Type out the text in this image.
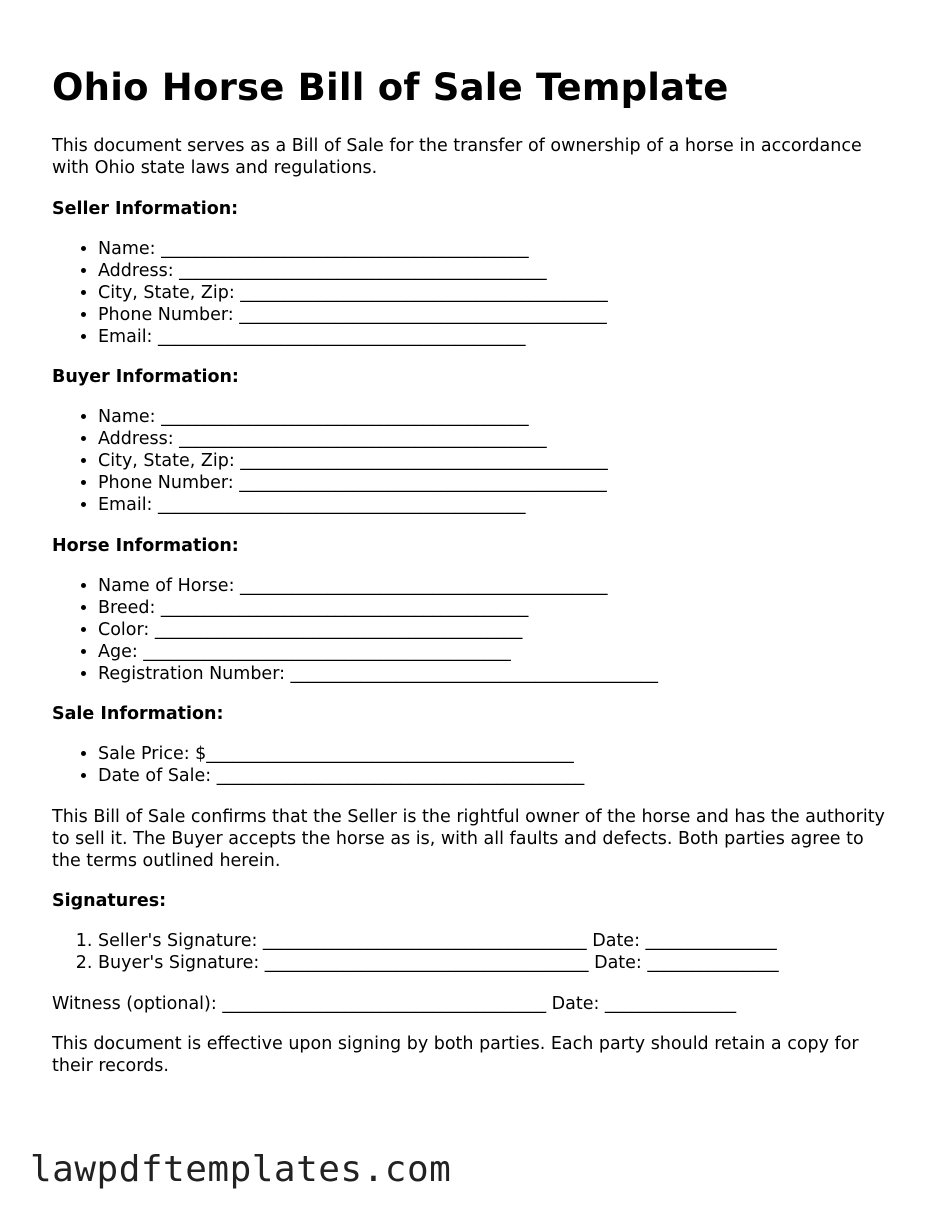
Ohio Horse Bill of Sale Template

This document serves as a Bill of Sale for the transfer of ownership of a horse in accordance with Ohio state laws and regulations.

Seller Information:
• Name: __________________________________________
• Address: __________________________________________
• City, State, Zip: __________________________________________
• Phone Number: __________________________________________
• Email: __________________________________________
Buyer Information:
• Name: __________________________________________
• Address: __________________________________________
• City, State, Zip: __________________________________________
• Phone Number: __________________________________________
• Email: __________________________________________
Horse Information:
• Name of Horse: __________________________________________
• Breed: __________________________________________
• Color: __________________________________________
• Age: __________________________________________
• Registration Number: __________________________________________
Sale Information:
• Sale Price: $__________________________________________
• Date of Sale: __________________________________________

This Bill of Sale confirms that the Seller is the rightful owner of the horse and has the authority to sell it. The Buyer accepts the horse as is, with all faults and defects. Both parties agree to the terms outlined herein.

Signatures:
1. Seller's Signature: _____________________________________ Date: _______________
2. Buyer's Signature: _____________________________________ Date: _______________
Witness (optional): _____________________________________ Date: _______________

This document is effective upon signing by both parties. Each party should retain a copy for their records.

lawpdftemplates.com
